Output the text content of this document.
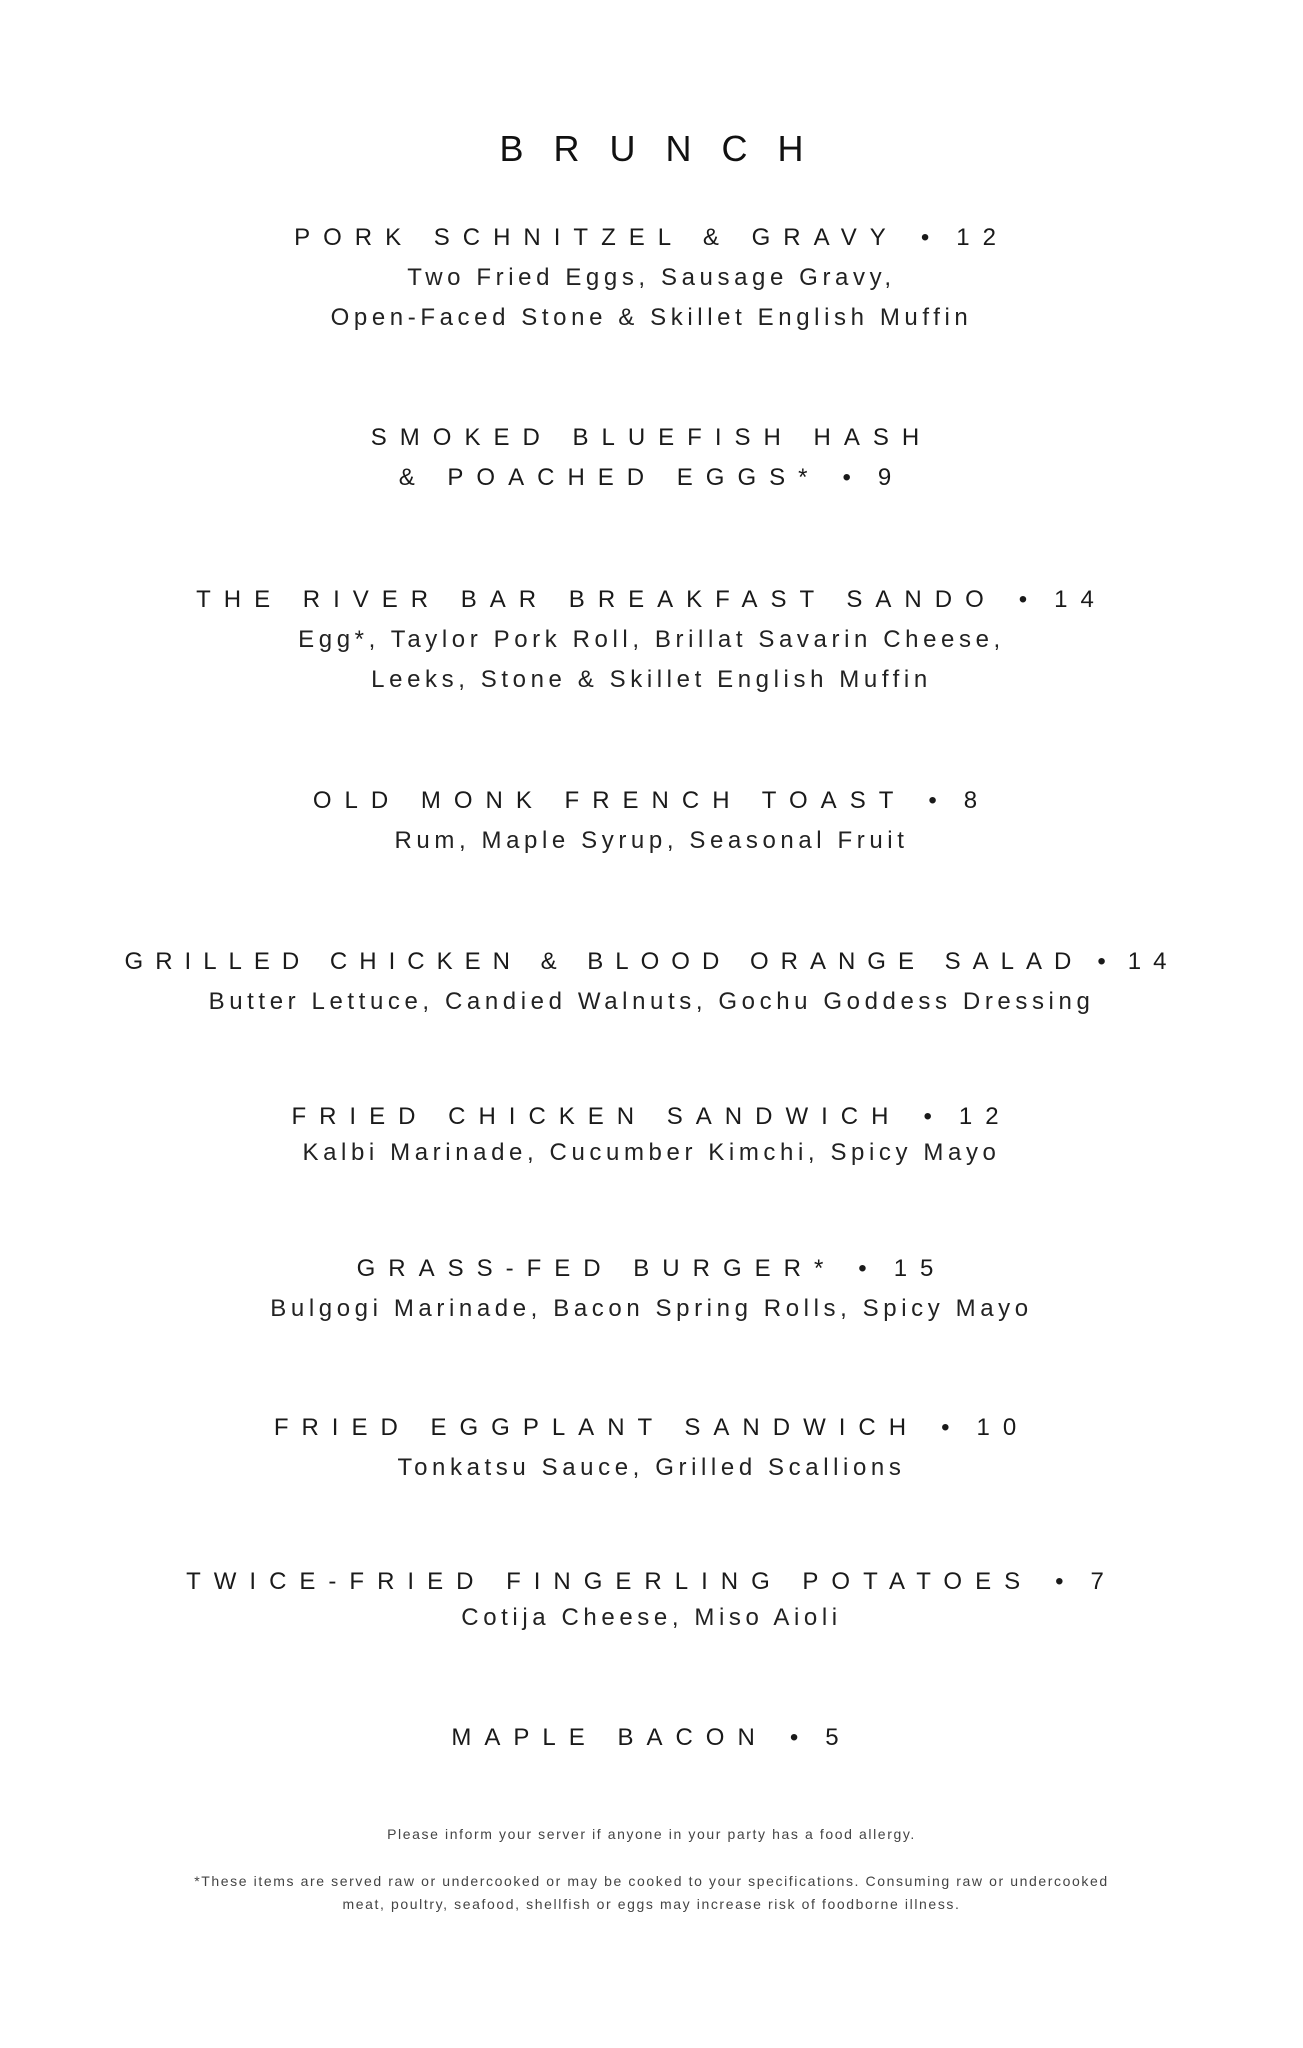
BRUNCH
PORK SCHNITZEL & GRAVY • 12
Two Fried Eggs, Sausage Gravy,
Open-Faced Stone & Skillet English Muffin
SMOKED BLUEFISH HASH
& POACHED EGGS* • 9
THE RIVER BAR BREAKFAST SANDO • 14
Egg*, Taylor Pork Roll, Brillat Savarin Cheese,
Leeks, Stone & Skillet English Muffin
OLD MONK FRENCH TOAST • 8
Rum, Maple Syrup, Seasonal Fruit
GRILLED CHICKEN & BLOOD ORANGE SALAD • 14
Butter Lettuce, Candied Walnuts, Gochu Goddess Dressing
FRIED CHICKEN SANDWICH • 12
Kalbi Marinade, Cucumber Kimchi, Spicy Mayo
GRASS-FED BURGER* • 15
Bulgogi Marinade, Bacon Spring Rolls, Spicy Mayo
FRIED EGGPLANT SANDWICH • 10
Tonkatsu Sauce, Grilled Scallions
TWICE-FRIED FINGERLING POTATOES • 7
Cotija Cheese, Miso Aioli
MAPLE BACON • 5
Please inform your server if anyone in your party has a food allergy.
*These items are served raw or undercooked or may be cooked to your specifications. Consuming raw or undercooked
meat, poultry, seafood, shellfish or eggs may increase risk of foodborne illness.
